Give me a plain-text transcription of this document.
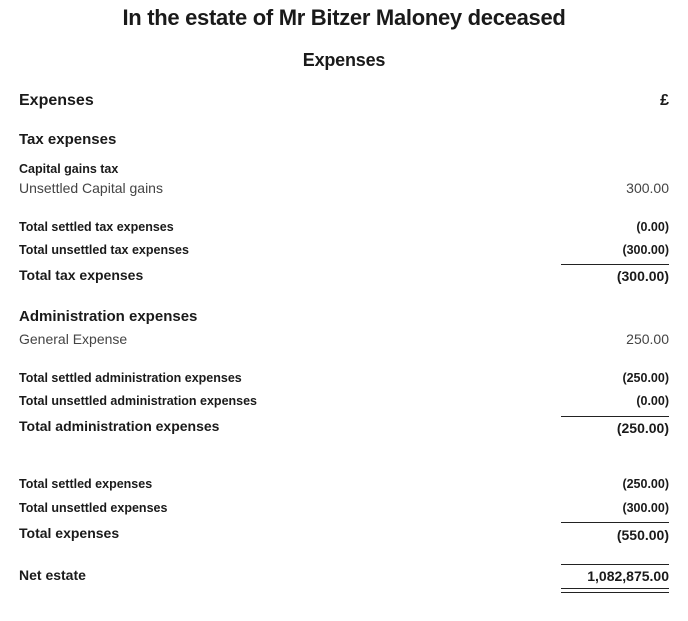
In the estate of Mr Bitzer Maloney deceased
Expenses
Expenses	£
Tax expenses
Capital gains tax
Unsettled Capital gains	300.00
Total settled tax expenses	(0.00)
Total unsettled tax expenses	(300.00)
Total tax expenses	(300.00)
Administration expenses
General Expense	250.00
Total settled administration expenses	(250.00)
Total unsettled administration expenses	(0.00)
Total administration expenses	(250.00)
Total settled expenses	(250.00)
Total unsettled expenses	(300.00)
Total expenses	(550.00)
Net estate	1,082,875.00
